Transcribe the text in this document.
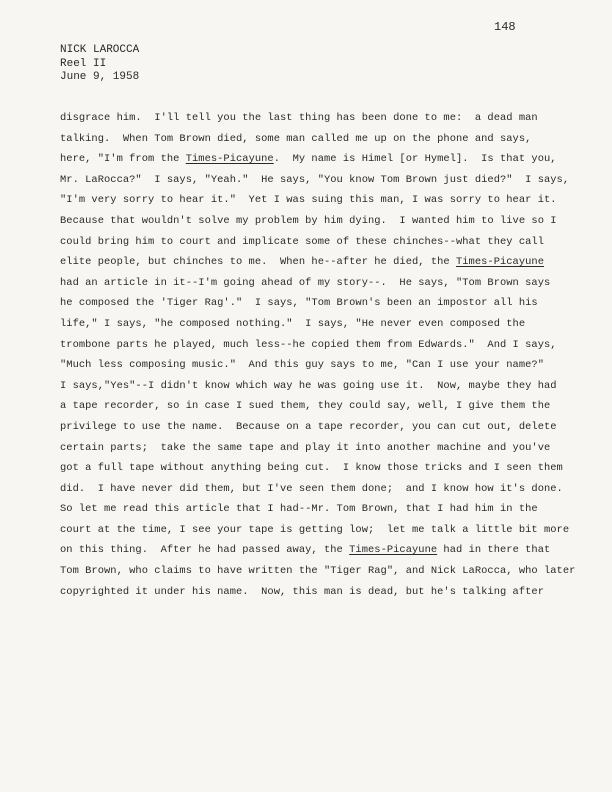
148
NICK LAROCCA
Reel II
June 9, 1958
disgrace him.  I'll tell you the last thing has been done to me:  a dead man
talking.  When Tom Brown died, some man called me up on the phone and says,
here, "I'm from the Times-Picayune.  My name is Himel [or Hymel].  Is that you,
Mr. LaRocca?"  I says, "Yeah."  He says, "You know Tom Brown just died?"  I says,
"I'm very sorry to hear it."  Yet I was suing this man, I was sorry to hear it.
Because that wouldn't solve my problem by him dying.  I wanted him to live so I
could bring him to court and implicate some of these chinches--what they call
elite people, but chinches to me.  When he--after he died, the Times-Picayune
had an article in it--I'm going ahead of my story--.  He says, "Tom Brown says
he composed the 'Tiger Rag'."  I says, "Tom Brown's been an impostor all his
life," I says, "he composed nothing."  I says, "He never even composed the
trombone parts he played, much less--he copied them from Edwards."  And I says,
"Much less composing music."  And this guy says to me, "Can I use your name?"
I says,"Yes"--I didn't know which way he was going use it.  Now, maybe they had
a tape recorder, so in case I sued them, they could say, well, I give them the
privilege to use the name.  Because on a tape recorder, you can cut out, delete
certain parts;  take the same tape and play it into another machine and you've
got a full tape without anything being cut.  I know those tricks and I seen them
did.  I have never did them, but I've seen them done;  and I know how it's done.
So let me read this article that I had--Mr. Tom Brown, that I had him in the
court at the time, I see your tape is getting low;  let me talk a little bit more
on this thing.  After he had passed away, the Times-Picayune had in there that
Tom Brown, who claims to have written the "Tiger Rag", and Nick LaRocca, who later
copyrighted it under his name.  Now, this man is dead, but he's talking after
